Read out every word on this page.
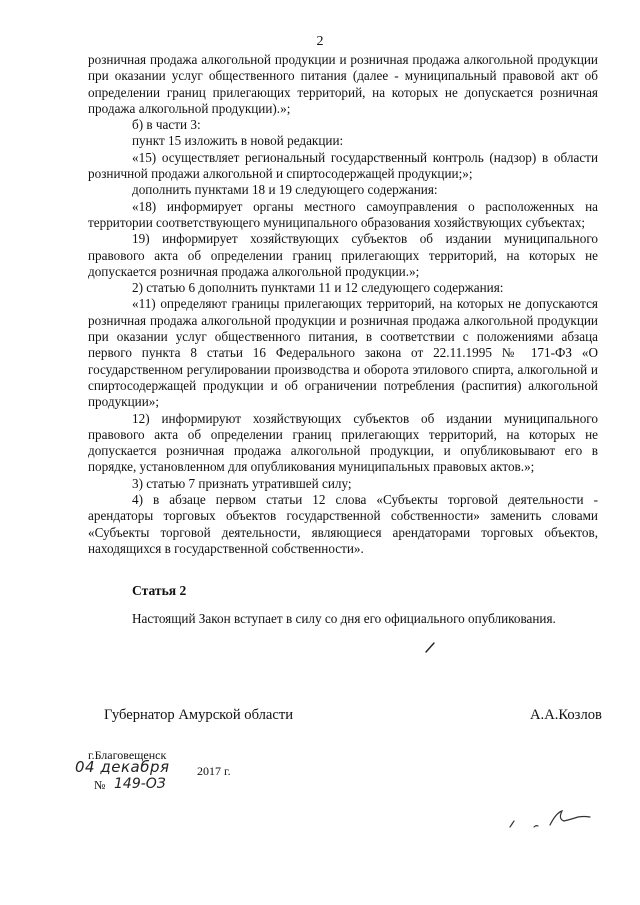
2

розничная продажа алкогольной продукции и розничная продажа алкогольной продукции при оказании услуг общественного питания (далее - муниципальный правовой акт об определении границ прилегающих территорий, на которых не допускается розничная продажа алкогольной продукции).»;

б) в части 3:

пункт 15 изложить в новой редакции:

«15) осуществляет региональный государственный контроль (надзор) в области розничной продажи алкогольной и спиртосодержащей продукции;»;

дополнить пунктами 18 и 19 следующего содержания:

«18) информирует органы местного самоуправления о расположенных на территории соответствующего муниципального образования хозяйствующих субъектах;

19) информирует хозяйствующих субъектов об издании муниципального правового акта об определении границ прилегающих территорий, на которых не допускается розничная продажа алкогольной продукции.»;

2) статью 6 дополнить пунктами 11 и 12 следующего содержания:

«11) определяют границы прилегающих территорий, на которых не допускаются розничная продажа алкогольной продукции и розничная продажа алкогольной продукции при оказании услуг общественного питания, в соответствии с положениями абзаца первого пункта 8 статьи 16 Федерального закона от 22.11.1995 № 171-ФЗ «О государственном регулировании производства и оборота этилового спирта, алкогольной и спиртосодержащей продукции и об ограничении потребления (распития) алкогольной продукции»;

12) информируют хозяйствующих субъектов об издании муниципального правового акта об определении границ прилегающих территорий, на которых не допускается розничная продажа алкогольной продукции, и опубликовывают его в порядке, установленном для опубликования муниципальных правовых актов.»;

3) статью 7 признать утратившей силу;

4) в абзаце первом статьи 12 слова «Субъекты торговой деятельности - арендаторы торговых объектов государственной собственности» заменить словами «Субъекты торговой деятельности, являющиеся арендаторами торговых объектов, находящихся в государственной собственности».

Статья 2

Настоящий Закон вступает в силу со дня его официального опубликования.

Губернатор Амурской области	А.А.Козлов

г.Благовещенск

04 декабря 2017 г.
№ 149-ОЗ
